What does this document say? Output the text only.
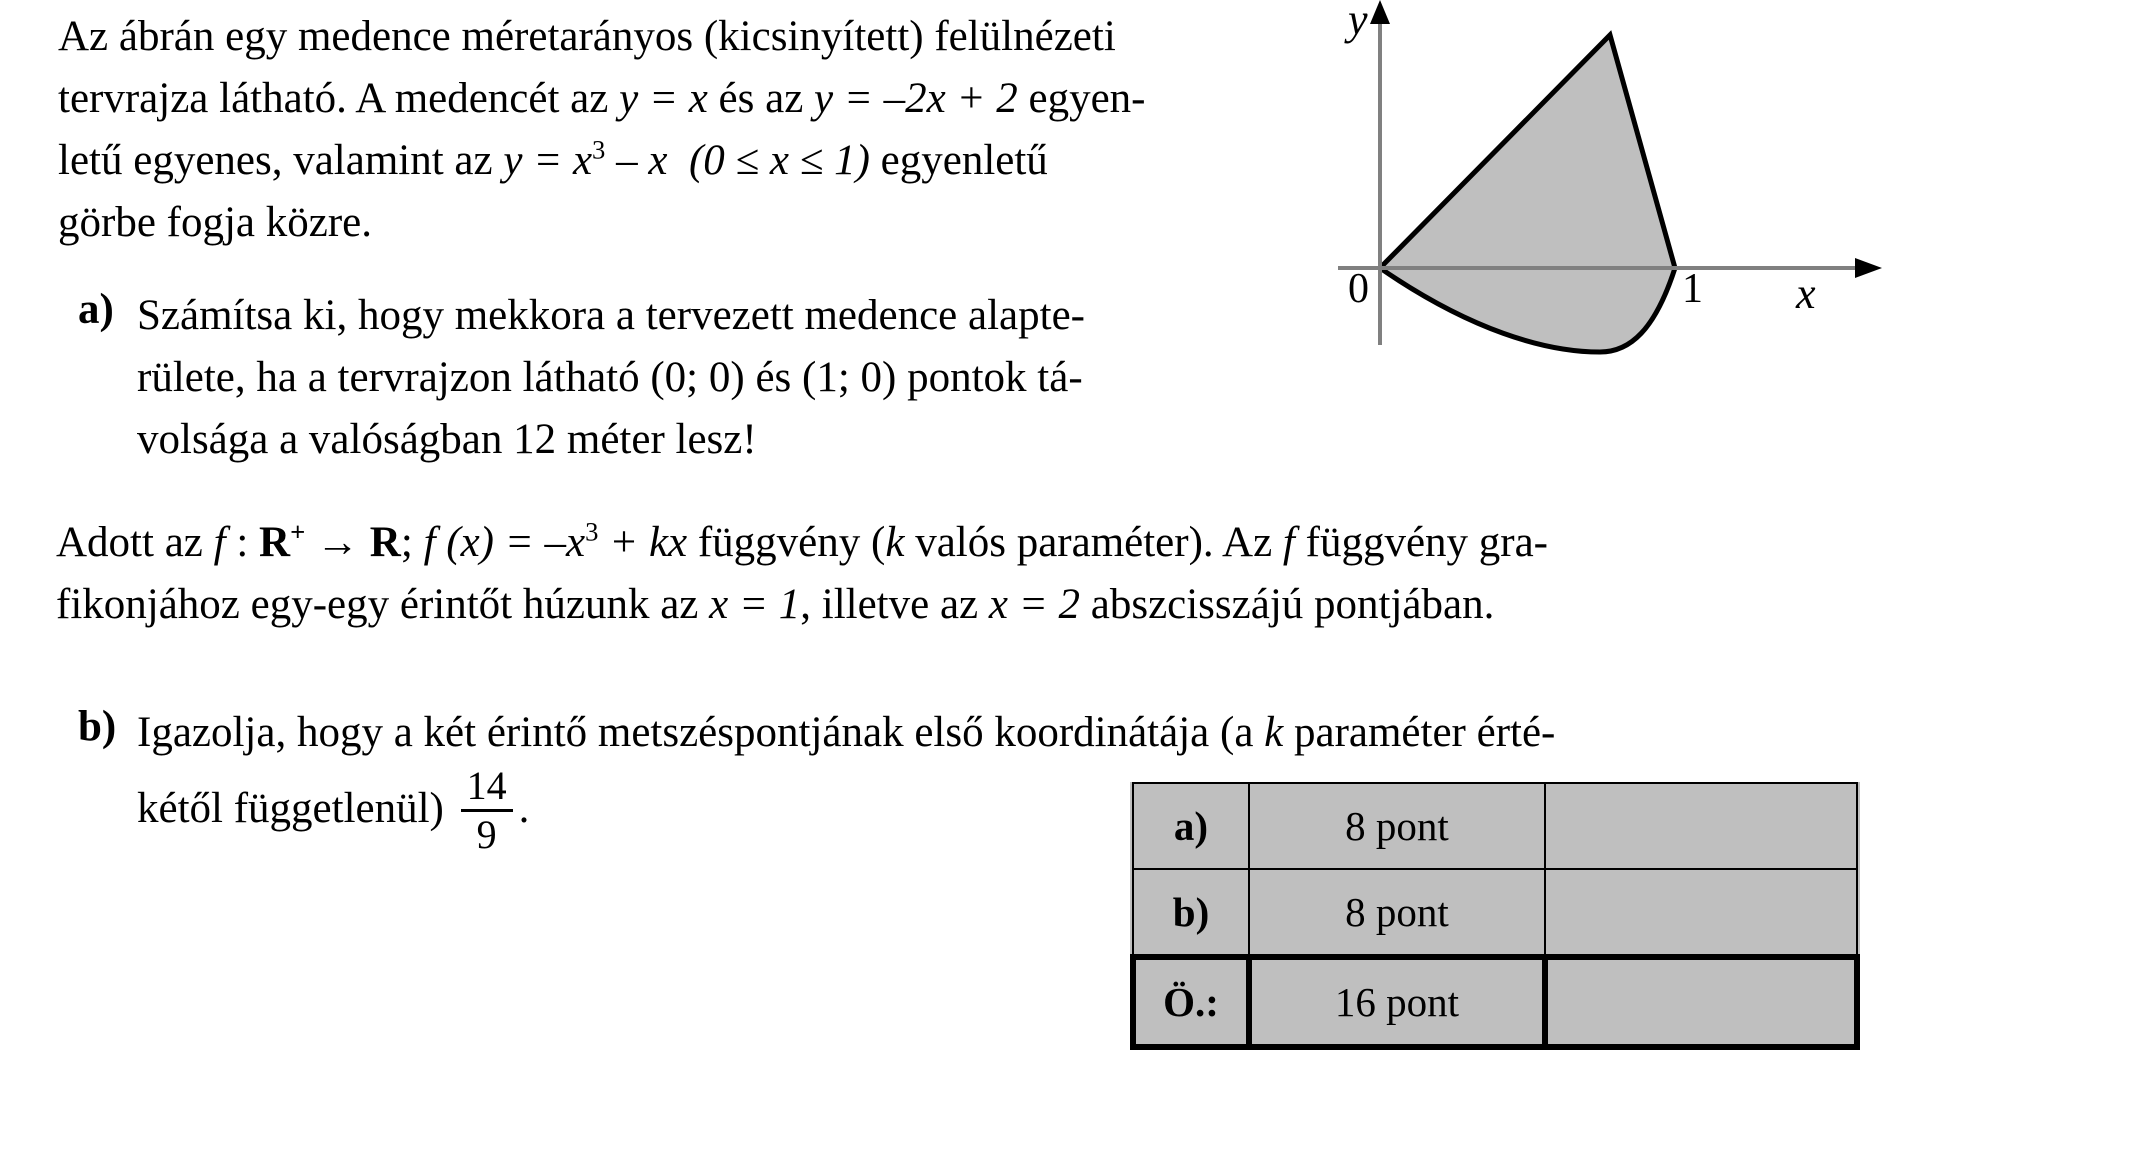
Az ábrán egy medence méretarányos (kicsinyített) felülnézeti
tervrajza látható. A medencét az y = x és az y = –2x + 2 egyen-
letű egyenes, valamint az $y = x^3 - x$ (0 ≤ x ≤ 1) egyenletű
görbe fogja közre.
a) Számítsa ki, hogy mekkora a tervezett medence alapte-
rülete, ha a tervrajzon látható (0; 0) és (1; 0) pontok tá-
volsága a valóságban 12 méter lesz!
Adott az f : R+ → R; f $(x) = -x^3$ + kx függvény (k valós paraméter). Az f függvény gra-
fikonjához egy-egy érintőt húzunk az x = 1, illetve az x = 2 abszcisszájú pontjában.
b) Igazolja, hogy a két érintő metszéspontjának első koordinátája (a k paraméter érté-
kétől függetlenül) $\frac{14}{9}$ .
0	1
y
x
a)	8 pont	
b)	8 pont	
Ö.:	16 pont	
